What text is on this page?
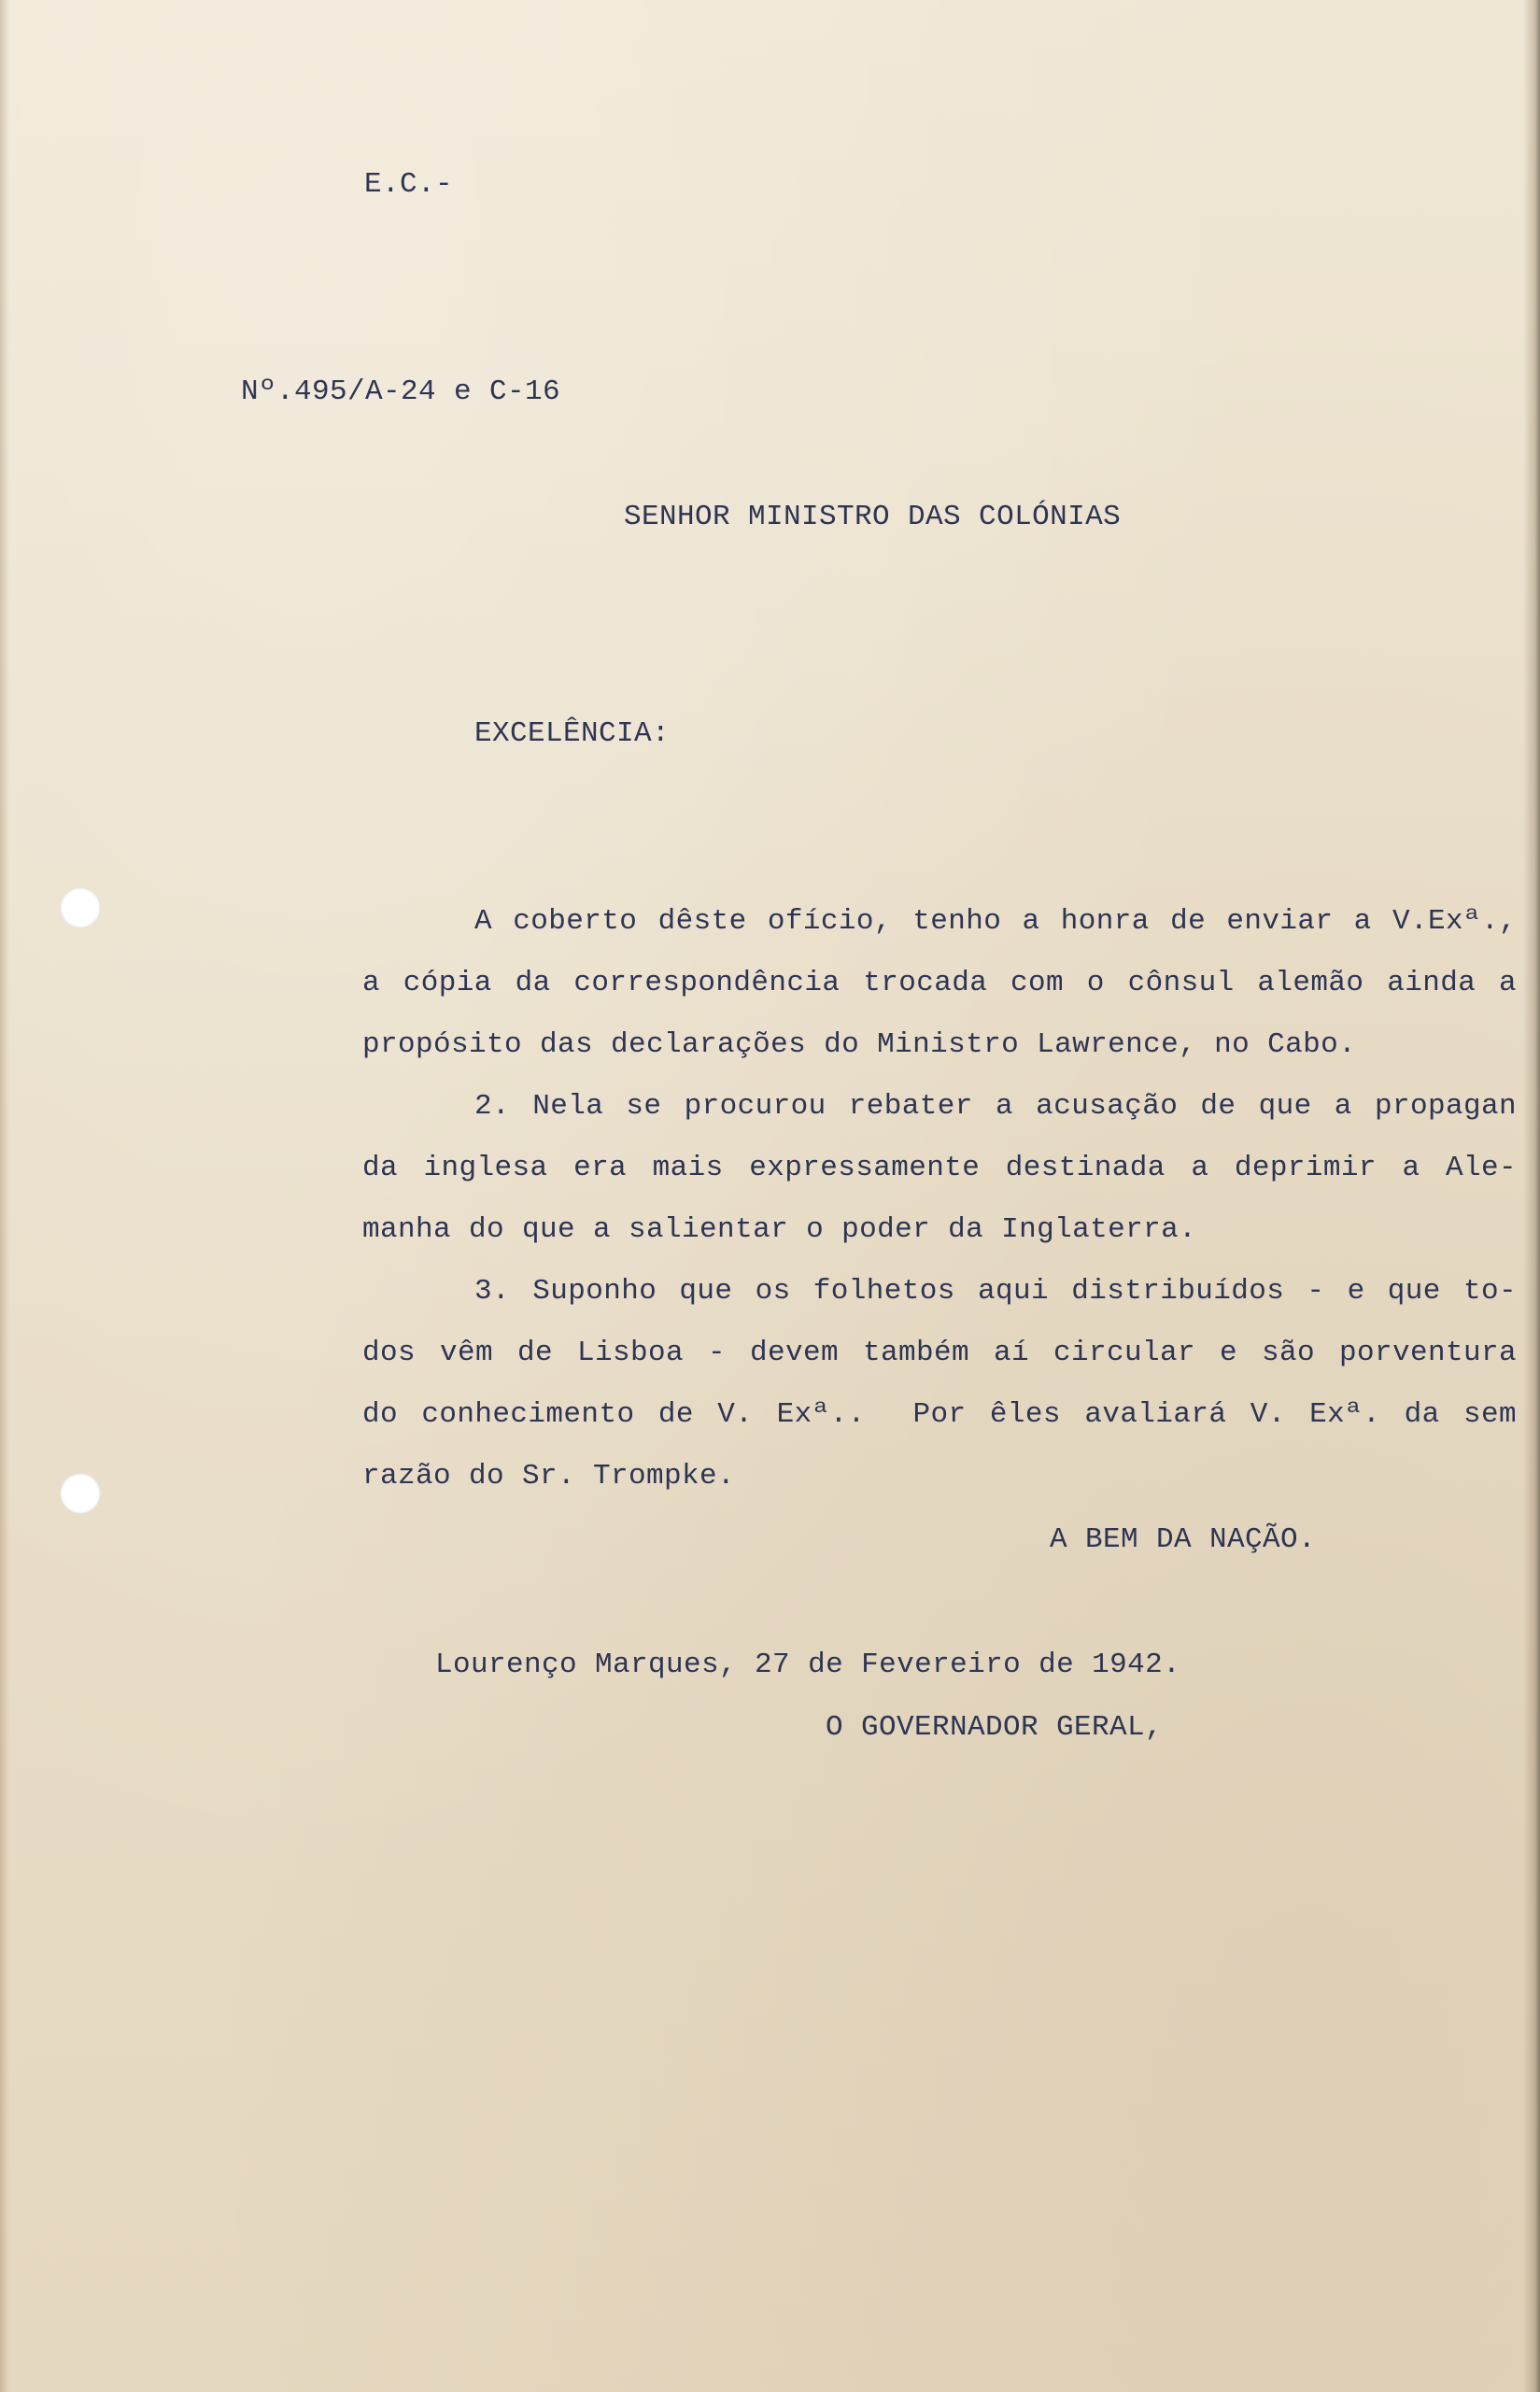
E.C.-
Nº.495/A-24 e C-16
SENHOR MINISTRO DAS COLÓNIAS
EXCELÊNCIA:
A coberto dêste ofício, tenho a honra de enviar a V.Exª.,
a cópia da correspondência trocada com o cônsul alemão ainda a
propósito das declarações do Ministro Lawrence, no Cabo.
2. Nela se procurou rebater a acusação de que a propagan
da inglesa era mais expressamente destinada a deprimir a Ale-
manha do que a salientar o poder da Inglaterra.
3. Suponho que os folhetos aqui distribuídos - e que to-
dos vêm de Lisboa - devem também aí circular e são porventura
do conhecimento de V. Exª..  Por êles avaliará V. Exª. da sem
razão do Sr. Trompke.
A BEM DA NAÇÃO.
Lourenço Marques, 27 de Fevereiro de 1942.
O GOVERNADOR GERAL,
